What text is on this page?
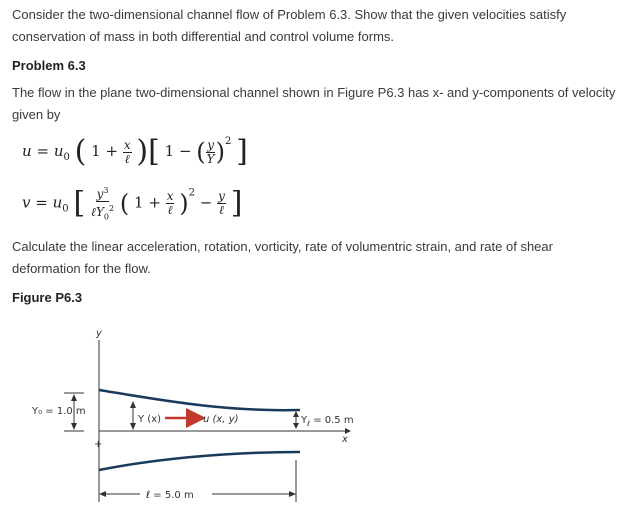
Consider the two-dimensional channel flow of Problem 6.3. Show that the given velocities satisfy conservation of mass in both differential and control volume forms.

Problem 6.3

The flow in the plane two-dimensional channel shown in Figure P6.3 has x- and y-components of velocity given by

$u = u_0$ ( $1 + \frac{x}{\text{ℓ}}$ )[ 1 − ( $\frac{y}{Y} )^2$ ]
$v = u_0$ [ $\frac{y^3}{\ell Y_0^2}$ ( $1 + \frac{x}{\text{ℓ}} )^2 - \frac{y}{\text{ℓ}}$ ]

Calculate the linear acceleration, rotation, vorticity, rate of volumentric strain, and rate of shear deformation for the flow.

Figure P6.3

y
x
+
Y₀ = 1.0 m
Y (x)	u (x, y)	$Y_\ell = 0.5$ m
ℓ = 5.0 m
